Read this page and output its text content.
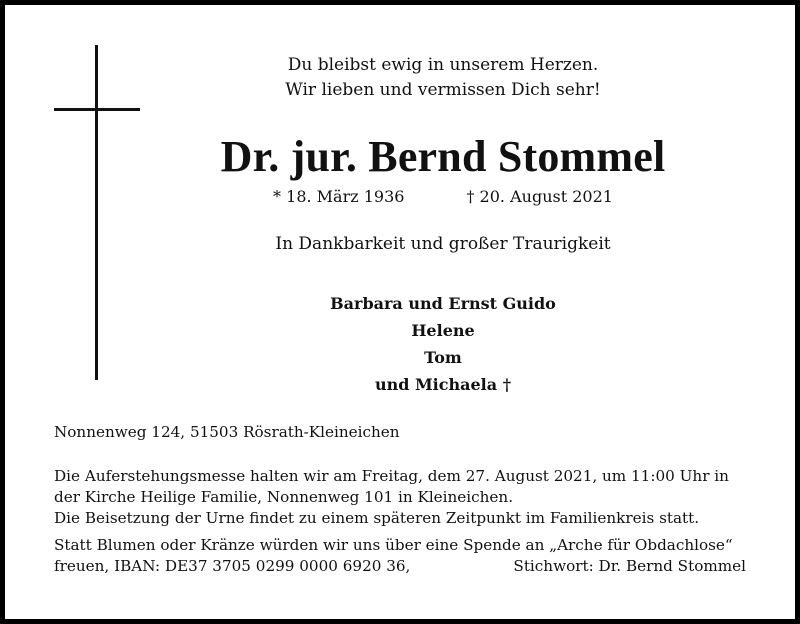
Du bleibst ewig in unserem Herzen.
Wir lieben und vermissen Dich sehr!
Dr. jur. Bernd Stommel
* 18. März 1936	† 20. August 2021
In Dankbarkeit und großer Traurigkeit
Barbara und Ernst Guido
Helene
Tom
und Michaela †
Nonnenweg 124, 51503 Rösrath-Kleineichen
Die Auferstehungsmesse halten wir am Freitag, dem 27. August 2021, um 11:00 Uhr in
der Kirche Heilige Familie, Nonnenweg 101 in Kleineichen.
Die Beisetzung der Urne findet zu einem späteren Zeitpunkt im Familienkreis statt.
Statt Blumen oder Kränze würden wir uns über eine Spende an „Arche für Obdachlose“
freuen, IBAN: DE37 3705 0299 0000 6920 36,	Stichwort: Dr. Bernd Stommel
